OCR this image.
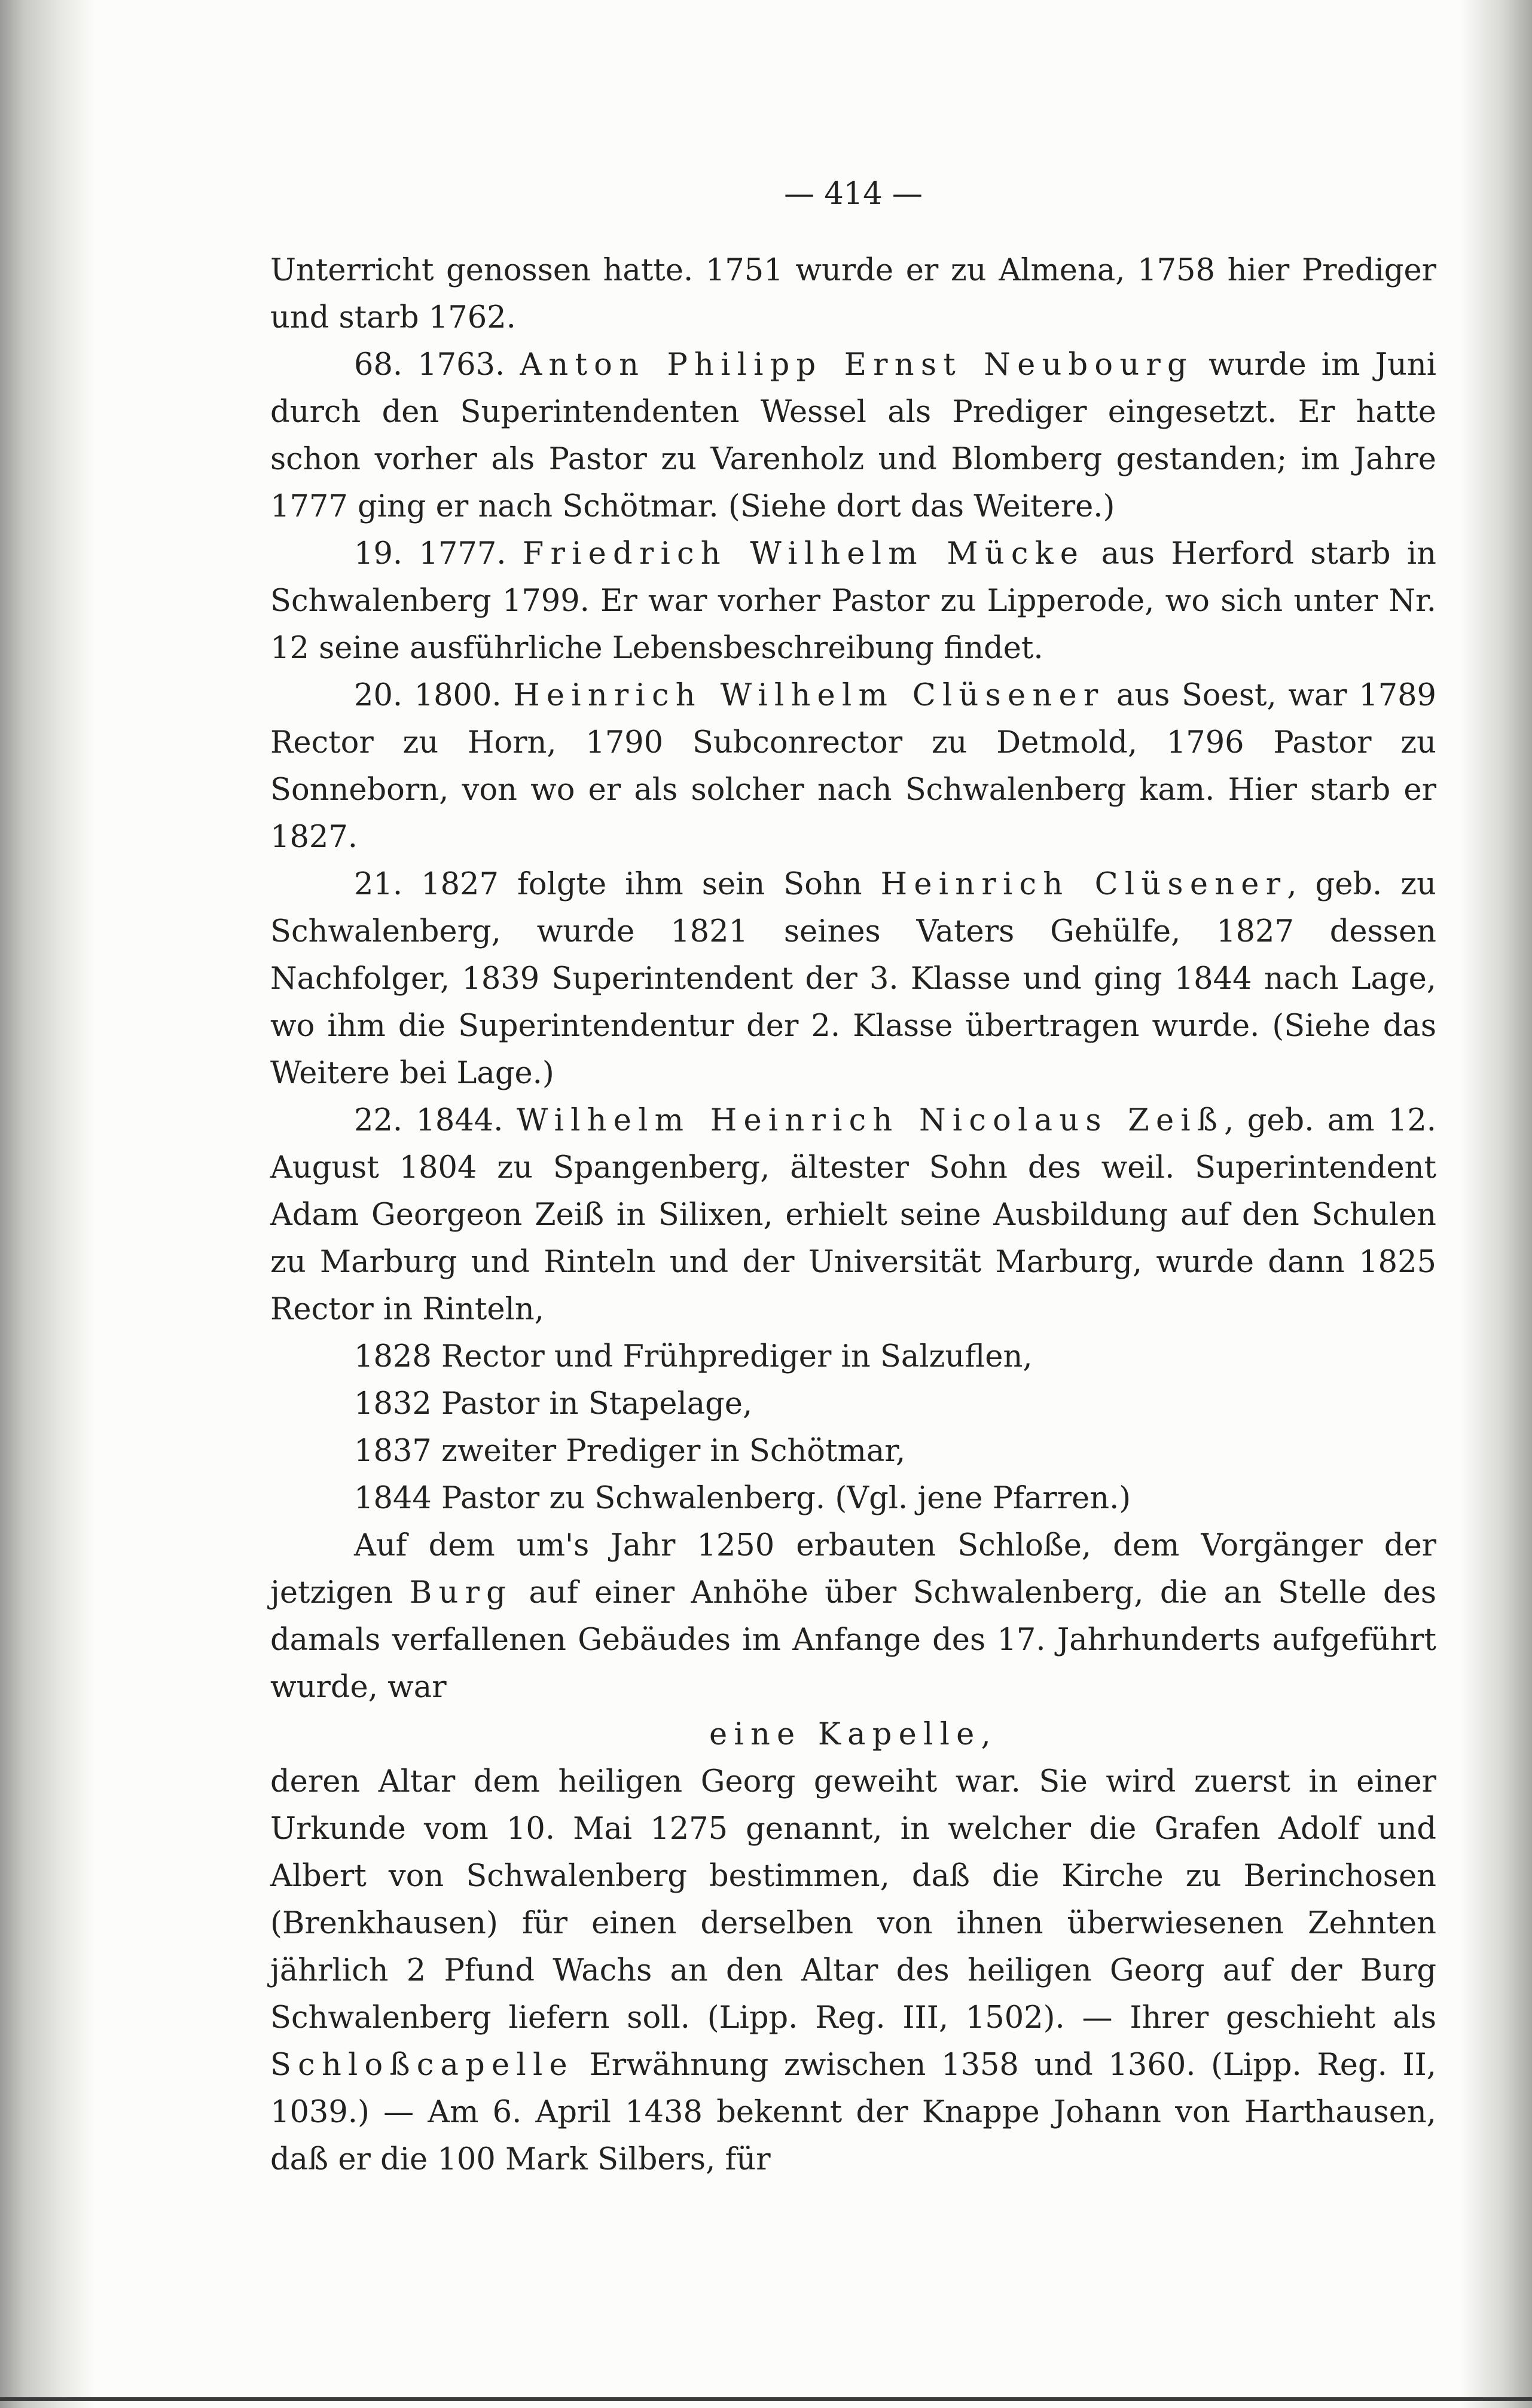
— 414 —

Unterricht genossen hatte. 1751 wurde er zu Almena, 1758 hier Prediger und starb 1762.

68. 1763. Anton Philipp Ernst Neubourg wurde im Juni durch den Superintendenten Wessel als Prediger eingesetzt. Er hatte schon vorher als Pastor zu Varenholz und Blomberg gestanden; im Jahre 1777 ging er nach Schötmar. (Siehe dort das Weitere.)

19. 1777. Friedrich Wilhelm Mücke aus Herford starb in Schwalenberg 1799. Er war vorher Pastor zu Lipperode, wo sich unter Nr. 12 seine ausführliche Lebensbeschreibung findet.

20. 1800. Heinrich Wilhelm Clüsener aus Soest, war 1789 Rector zu Horn, 1790 Subconrector zu Detmold, 1796 Pastor zu Sonneborn, von wo er als solcher nach Schwalenberg kam. Hier starb er 1827.

21. 1827 folgte ihm sein Sohn Heinrich Clüsener, geb. zu Schwalenberg, wurde 1821 seines Vaters Gehülfe, 1827 dessen Nachfolger, 1839 Superintendent der 3. Klasse und ging 1844 nach Lage, wo ihm die Superintendentur der 2. Klasse übertragen wurde. (Siehe das Weitere bei Lage.)

22. 1844. Wilhelm Heinrich Nicolaus Zeiß, geb. am 12. August 1804 zu Spangenberg, ältester Sohn des weil. Superintendent Adam Georgeon Zeiß in Silixen, erhielt seine Ausbildung auf den Schulen zu Marburg und Rinteln und der Universität Marburg, wurde dann 1825 Rector in Rinteln,

1828 Rector und Frühprediger in Salzuflen,

1832 Pastor in Stapelage,

1837 zweiter Prediger in Schötmar,

1844 Pastor zu Schwalenberg. (Vgl. jene Pfarren.)

Auf dem um's Jahr 1250 erbauten Schloße, dem Vorgänger der jetzigen Burg auf einer Anhöhe über Schwalenberg, die an Stelle des damals verfallenen Gebäudes im Anfange des 17. Jahrhunderts aufgeführt wurde, war

eine Kapelle,

deren Altar dem heiligen Georg geweiht war. Sie wird zuerst in einer Urkunde vom 10. Mai 1275 genannt, in welcher die Grafen Adolf und Albert von Schwalenberg bestimmen, daß die Kirche zu Berinchosen (Brenkhausen) für einen derselben von ihnen überwiesenen Zehnten jährlich 2 Pfund Wachs an den Altar des heiligen Georg auf der Burg Schwalenberg liefern soll. (Lipp. Reg. III, 1502). — Ihrer geschieht als Schloßcapelle Erwähnung zwischen 1358 und 1360. (Lipp. Reg. II, 1039.) — Am 6. April 1438 bekennt der Knappe Johann von Harthausen, daß er die 100 Mark Silbers, für
